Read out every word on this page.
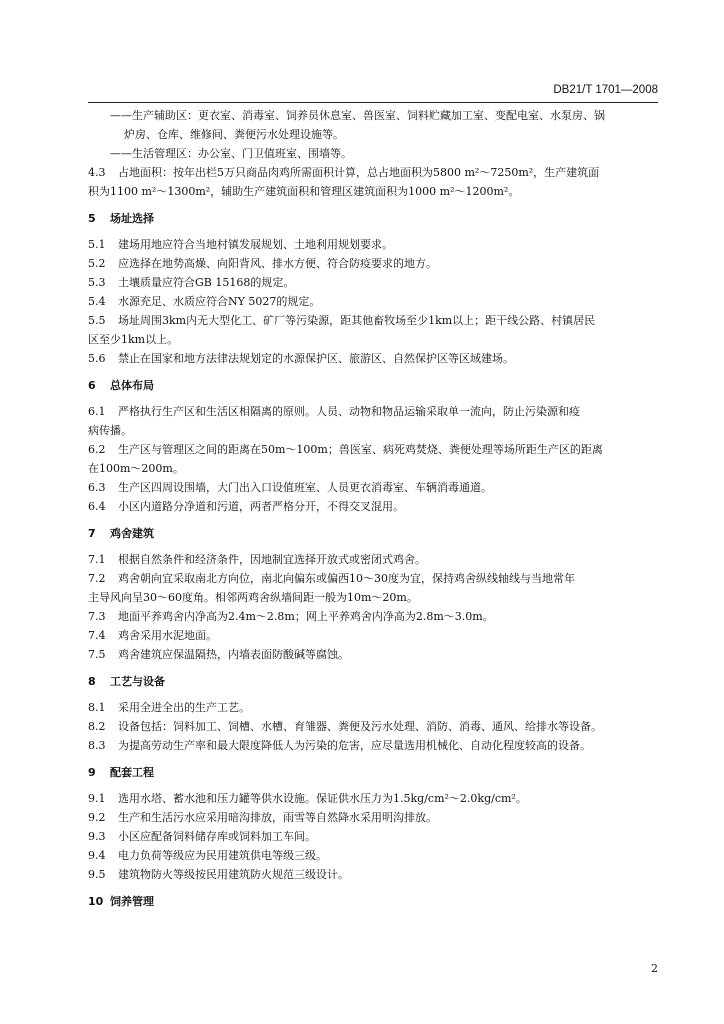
DB21/T 1701—2008
——生产辅助区：更衣室、消毒室、饲养员休息室、兽医室、饲料贮藏加工室、变配电室、水泵房、锅
炉房、仓库、维修间、粪便污水处理设施等。
——生活管理区：办公室、门卫值班室、围墙等。
4.3 占地面积：按年出栏5万只商品肉鸡所需面积计算，总占地面积为5800 m²～7250m²，生产建筑面
积为1100 m²～1300m²，辅助生产建筑面积和管理区建筑面积为1000 m²～1200m²。
5 场址选择
5.1 建场用地应符合当地村镇发展规划、土地利用规划要求。
5.2 应选择在地势高燥、向阳背风、排水方便、符合防疫要求的地方。
5.3 土壤质量应符合GB 15168的规定。
5.4 水源充足、水质应符合NY 5027的规定。
5.5 场址周围3km内无大型化工、矿厂等污染源，距其他畜牧场至少1km以上；距干线公路、村镇居民
区至少1km以上。
5.6 禁止在国家和地方法律法规划定的水源保护区、旅游区、自然保护区等区域建场。
6 总体布局
6.1 严格执行生产区和生活区相隔离的原则。人员、动物和物品运输采取单一流向，防止污染源和疫
病传播。
6.2 生产区与管理区之间的距离在50m～100m；兽医室、病死鸡焚烧、粪便处理等场所距生产区的距离
在100m～200m。
6.3 生产区四周设围墙，大门出入口设值班室、人员更衣消毒室、车辆消毒通道。
6.4 小区内道路分净道和污道，两者严格分开，不得交叉混用。
7 鸡舍建筑
7.1 根据自然条件和经济条件，因地制宜选择开放式或密闭式鸡舍。
7.2 鸡舍朝向宜采取南北方向位，南北向偏东或偏西10～30度为宜，保持鸡舍纵线轴线与当地常年
主导风向呈30～60度角。相邻两鸡舍纵墙间距一般为10m～20m。
7.3 地面平养鸡舍内净高为2.4m～2.8m；网上平养鸡舍内净高为2.8m～3.0m。
7.4 鸡舍采用水泥地面。
7.5 鸡舍建筑应保温隔热，内墙表面防酸碱等腐蚀。
8 工艺与设备
8.1 采用全进全出的生产工艺。
8.2 设备包括：饲料加工、饲槽、水槽、育雏器、粪便及污水处理、消防、消毒、通风、给排水等设备。
8.3 为提高劳动生产率和最大限度降低人为污染的危害，应尽量选用机械化、自动化程度较高的设备。
9 配套工程
9.1 选用水塔、蓄水池和压力罐等供水设施。保证供水压力为1.5kg/cm²～2.0kg/cm²。
9.2 生产和生活污水应采用暗沟排放，雨雪等自然降水采用明沟排放。
9.3 小区应配备饲料储存库或饲料加工车间。
9.4 电力负荷等级应为民用建筑供电等级三级。
9.5 建筑物防火等级按民用建筑防火规范三级设计。
10 饲养管理
2
